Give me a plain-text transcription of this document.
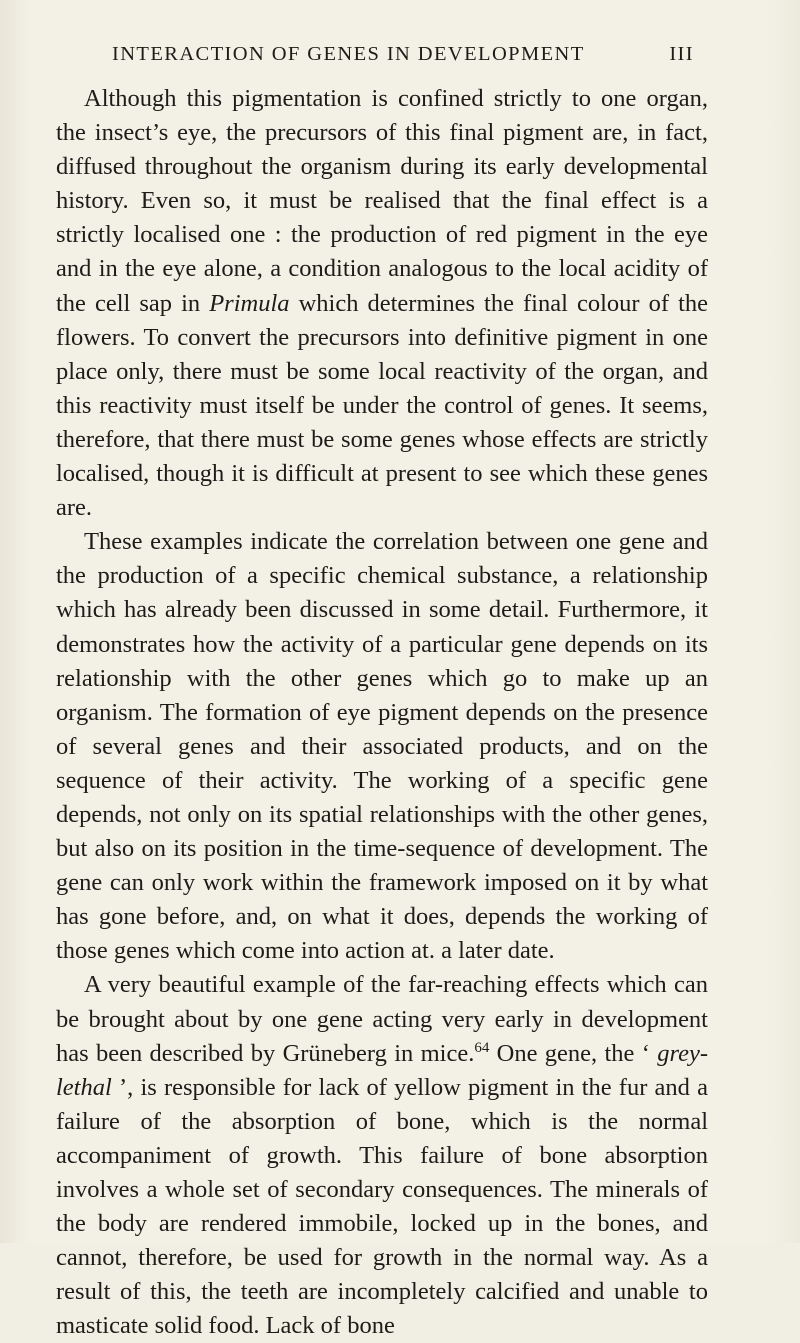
INTERACTION OF GENES IN DEVELOPMENT	III

Although this pigmentation is confined strictly to one organ, the insect’s eye, the precursors of this final pigment are, in fact, diffused throughout the organism during its early developmental history. Even so, it must be realised that the final effect is a strictly localised one : the production of red pigment in the eye and in the eye alone, a condition analogous to the local acidity of the cell sap in Primula which determines the final colour of the flowers. To convert the precursors into definitive pigment in one place only, there must be some local reactivity of the organ, and this reactivity must itself be under the control of genes. It seems, therefore, that there must be some genes whose effects are strictly localised, though it is difficult at present to see which these genes are.

These examples indicate the correlation between one gene and the production of a specific chemical substance, a relationship which has already been discussed in some detail. Furthermore, it demonstrates how the activity of a particular gene depends on its relationship with the other genes which go to make up an organism. The formation of eye pigment depends on the presence of several genes and their associated products, and on the sequence of their activity. The working of a specific gene depends, not only on its spatial relationships with the other genes, but also on its position in the time-sequence of development. The gene can only work within the framework imposed on it by what has gone before, and, on what it does, depends the working of those genes which come into action at. a later date.

A very beautiful example of the far-reaching effects which can be brought about by one gene acting very early in development has been described by Grüneberg in mice.$^{64}$ One gene, the ‘ grey-lethal ’, is responsible for lack of yellow pigment in the fur and a failure of the absorption of bone, which is the normal accompaniment of growth. This failure of bone absorption involves a whole set of secondary consequences. The minerals of the body are rendered immobile, locked up in the bones, and cannot, therefore, be used for growth in the normal way. As a result of this, the teeth are incompletely calcified and unable to masticate solid food. Lack of bone
